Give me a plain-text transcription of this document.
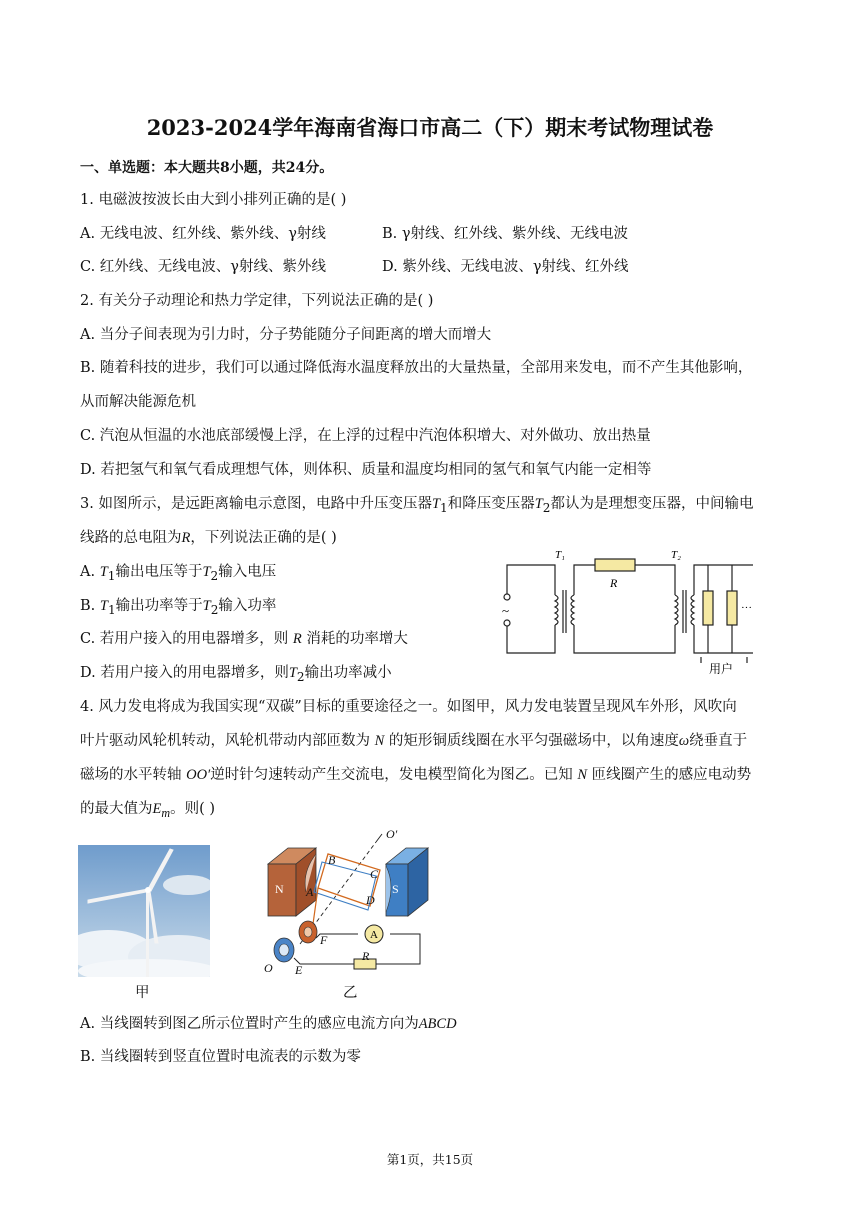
2023-2024学年海南省海口市高二（下）期末考试物理试卷
一、单选题：本大题共8小题，共24分。
1. 电磁波按波长由大到小排列正确的是( )
A. 无线电波、红外线、紫外线、γ射线	B. γ射线、红外线、紫外线、无线电波
C. 红外线、无线电波、γ射线、紫外线	D. 紫外线、无线电波、γ射线、红外线
2. 有关分子动理论和热力学定律，下列说法正确的是( )
A. 当分子间表现为引力时，分子势能随分子间距离的增大而增大
B. 随着科技的进步，我们可以通过降低海水温度释放出的大量热量，全部用来发电，而不产生其他影响，
从而解决能源危机
C. 汽泡从恒温的水池底部缓慢上浮，在上浮的过程中汽泡体积增大、对外做功、放出热量
D. 若把氢气和氧气看成理想气体，则体积、质量和温度均相同的氢气和氧气内能一定相等
3. 如图所示，是远距离输电示意图，电路中升压变压器$T_1$和降压变压器$T_2$都认为是理想变压器，中间输电
线路的总电阻为R，下列说法正确的是( )
A. $T_1$输出电压等于$T_2$输入电压
B. $T_1$输出功率等于$T_2$输入功率
C. 若用户接入的用电器增多，则 R 消耗的功率增大
D. 若用户接入的用电器增多，则$T_2$输出功率减小
~
T₁	T₂
R
···
用户
4. 风力发电将成为我国实现“双碳”目标的重要途径之一。如图甲，风力发电装置呈现风车外形，风吹向
叶片驱动风轮机转动，风轮机带动内部匝数为 N 的矩形铜质线圈在水平匀强磁场中，以角速度ω绕垂直于
磁场的水平转轴 OO′逆时针匀速转动产生交流电，发电模型简化为图乙。已知 N 匝线圈产生的感应电动势
的最大值为$E_m$。则( )
甲
N	S
A
B
C
D
E
F
O
O′
R
A
乙
A. 当线圈转到图乙所示位置时产生的感应电流方向为ABCD
B. 当线圈转到竖直位置时电流表的示数为零
第1页，共15页
